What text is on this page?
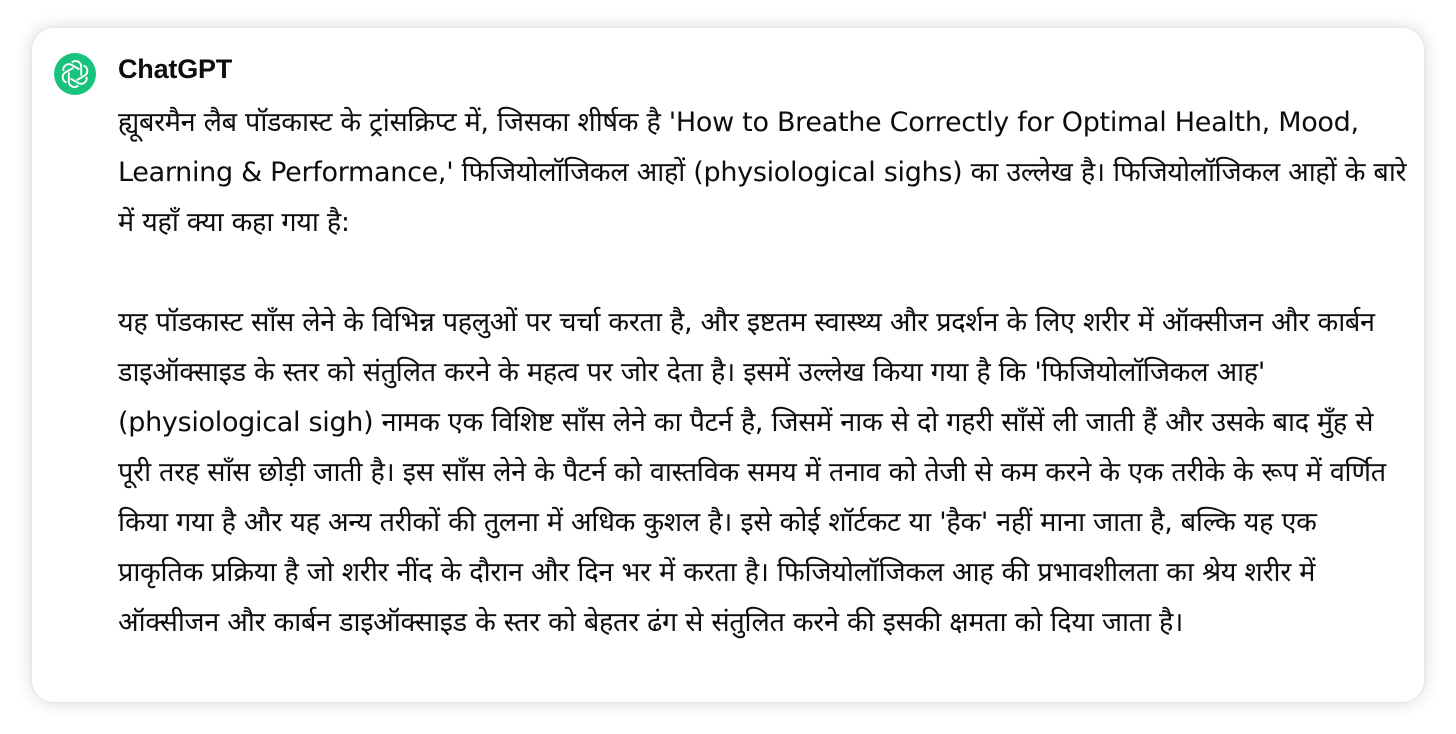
ChatGPT

ह्यूबरमैन लैब पॉडकास्ट के ट्रांसक्रिप्ट में, जिसका शीर्षक है 'How to Breathe Correctly for Optimal Health, Mood, Learning & Performance,' फिजियोलॉजिकल आहों (physiological sighs) का उल्लेख है। फिजियोलॉजिकल आहों के बारे में यहाँ क्या कहा गया है:

यह पॉडकास्ट साँस लेने के विभिन्न पहलुओं पर चर्चा करता है, और इष्टतम स्वास्थ्य और प्रदर्शन के लिए शरीर में ऑक्सीजन और कार्बन डाइऑक्साइड के स्तर को संतुलित करने के महत्व पर जोर देता है। इसमें उल्लेख किया गया है कि 'फिजियोलॉजिकल आह' (physiological sigh) नामक एक विशिष्ट साँस लेने का पैटर्न है, जिसमें नाक से दो गहरी साँसें ली जाती हैं और उसके बाद मुँह से पूरी तरह साँस छोड़ी जाती है। इस साँस लेने के पैटर्न को वास्तविक समय में तनाव को तेजी से कम करने के एक तरीके के रूप में वर्णित किया गया है और यह अन्य तरीकों की तुलना में अधिक कुशल है। इसे कोई शॉर्टकट या 'हैक' नहीं माना जाता है, बल्कि यह एक प्राकृतिक प्रक्रिया है जो शरीर नींद के दौरान और दिन भर में करता है। फिजियोलॉजिकल आह की प्रभावशीलता का श्रेय शरीर में ऑक्सीजन और कार्बन डाइऑक्साइड के स्तर को बेहतर ढंग से संतुलित करने की इसकी क्षमता को दिया जाता है।
